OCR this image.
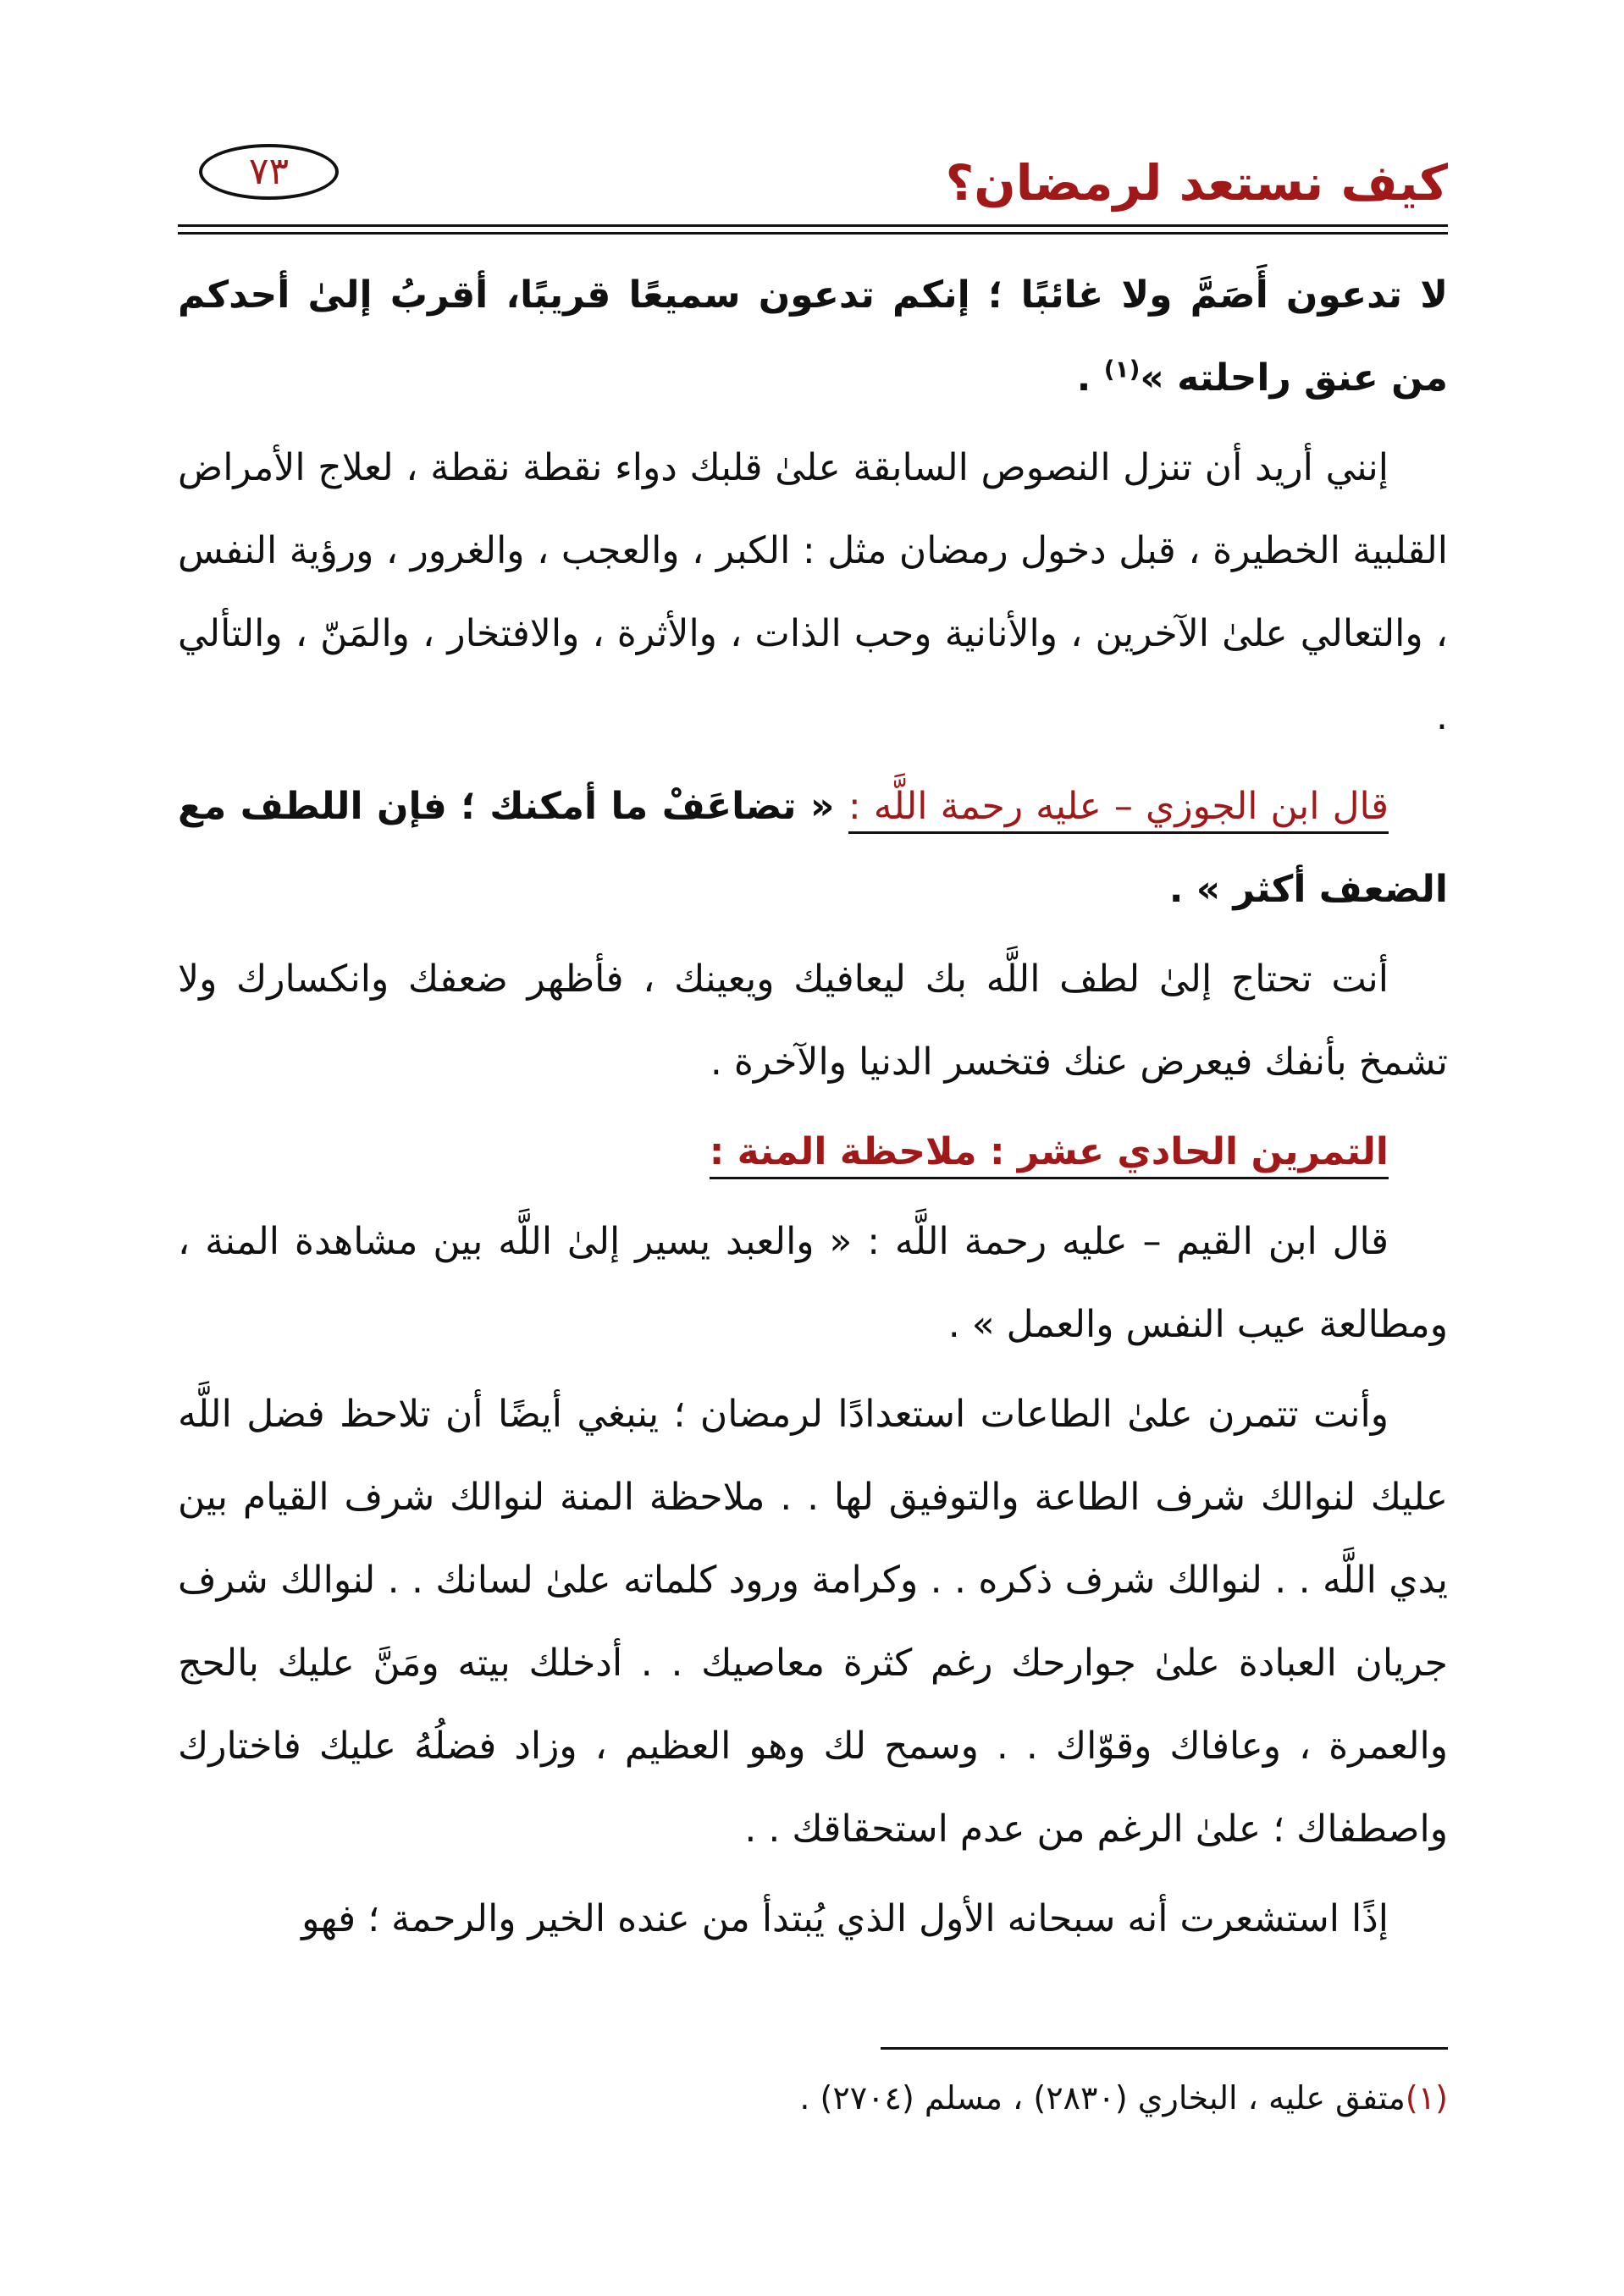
كيف نستعد لرمضان؟
٧٣

لا تدعون أَصَمَّ ولا غائبًا ؛ إنكم تدعون سميعًا قريبًا، أقربُ إلىٰ أحدكم من عنق راحلته »$^{(١)}$ .

إنني أريد أن تنزل النصوص السابقة علىٰ قلبك دواء نقطة نقطة ، لعلاج الأمراض القلبية الخطيرة ، قبل دخول رمضان مثل : الكبر ، والعجب ، والغرور ، ورؤية النفس ، والتعالي علىٰ الآخرين ، والأنانية وحب الذات ، والأثرة ، والافتخار ، والمَنّ ، والتألي .

قال ابن الجوزي – عليه رحمة اللَّه : « تضاعَفْ ما أمكنك ؛ فإن اللطف مع الضعف أكثر » .

أنت تحتاج إلىٰ لطف اللَّه بك ليعافيك ويعينك ، فأظهر ضعفك وانكسارك ولا تشمخ بأنفك فيعرض عنك فتخسر الدنيا والآخرة .

التمرين الحادي عشر : ملاحظة المنة :

قال ابن القيم – عليه رحمة اللَّه : « والعبد يسير إلىٰ اللَّه بين مشاهدة المنة ، ومطالعة عيب النفس والعمل » .

وأنت تتمرن علىٰ الطاعات استعدادًا لرمضان ؛ ينبغي أيضًا أن تلاحظ فضل اللَّه عليك لنوالك شرف الطاعة والتوفيق لها . . ملاحظة المنة لنوالك شرف القيام بين يدي اللَّه . . لنوالك شرف ذكره . . وكرامة ورود كلماته علىٰ لسانك . . لنوالك شرف جريان العبادة علىٰ جوارحك رغم كثرة معاصيك . . أدخلك بيته ومَنَّ عليك بالحج والعمرة ، وعافاك وقوّاك . . وسمح لك وهو العظيم ، وزاد فضلُهُ عليك فاختارك واصطفاك ؛ علىٰ الرغم من عدم استحقاقك . .

إذًا استشعرت أنه سبحانه الأول الذي يُبتدأ من عنده الخير والرحمة ؛ فهو

(١)متفق عليه ، البخاري (٢٨٣٠) ، مسلم (٢٧٠٤) .
